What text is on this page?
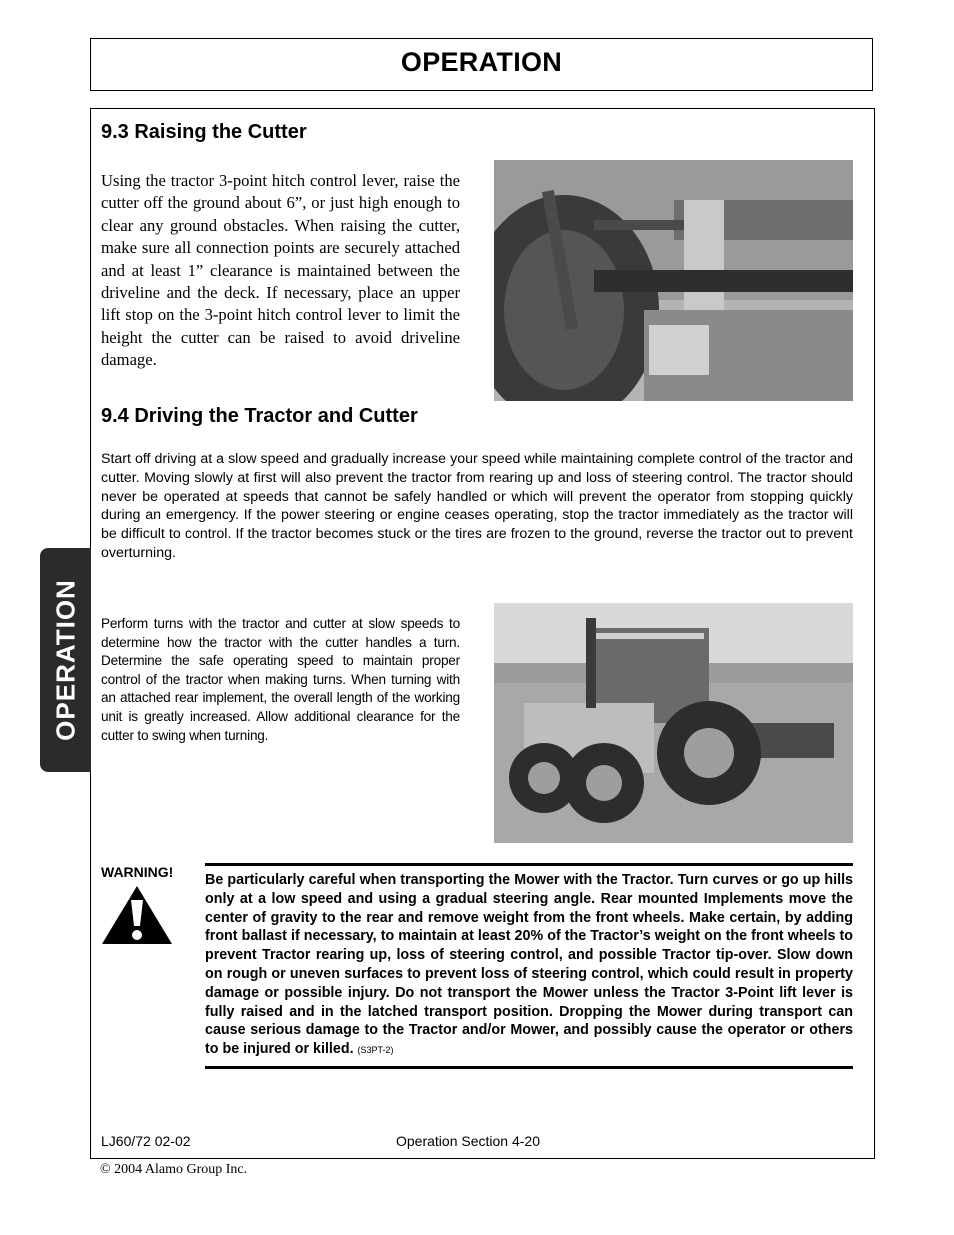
OPERATION
OPERATION
9.3 Raising the Cutter
Using the tractor 3-point hitch control lever, raise the cutter off the ground about 6”, or just high enough to clear any ground obstacles. When raising the cutter, make sure all connection points are securely attached and at least 1” clearance is maintained between the driveline and the deck. If necessary, place an upper lift stop on the 3-point hitch control lever to limit the height the cutter can be raised to avoid driveline damage.
9.4 Driving the Tractor and Cutter
Start off driving at a slow speed and gradually increase your speed while maintaining complete control of the tractor and cutter. Moving slowly at first will also prevent the tractor from rearing up and loss of steering control. The tractor should never be operated at speeds that cannot be safely handled or which will prevent the operator from stopping quickly during an emergency. If the power steering or engine ceases operating, stop the tractor immediately as the tractor will be difficult to control. If the tractor becomes stuck or the tires are frozen to the ground, reverse the tractor out to prevent overturning.
Perform turns with the tractor and cutter at slow speeds to determine how the tractor with the cutter handles a turn. Determine the safe operating speed to maintain proper control of the tractor when making turns. When turning with an attached rear implement, the overall length of the working unit is greatly increased. Allow additional clearance for the cutter to swing when turning.
WARNING! Be particularly careful when transporting the Mower with the Tractor. Turn curves or go up hills only at a low speed and using a gradual steering angle. Rear mounted Implements move the center of gravity to the rear and remove weight from the front wheels. Make certain, by adding front ballast if necessary, to maintain at least 20% of the Tractor’s weight on the front wheels to prevent Tractor rearing up, loss of steering control, and possible Tractor tip-over. Slow down on rough or uneven surfaces to prevent loss of steering control, which could result in property damage or possible injury. Do not transport the Mower unless the Tractor 3-Point lift lever is fully raised and in the latched transport position. Dropping the Mower during transport can cause serious damage to the Tractor and/or Mower, and possibly cause the operator or others to be injured or killed. (S3PT-2)
LJ60/72 02-02	Operation Section 4-20
© 2004 Alamo Group Inc.
